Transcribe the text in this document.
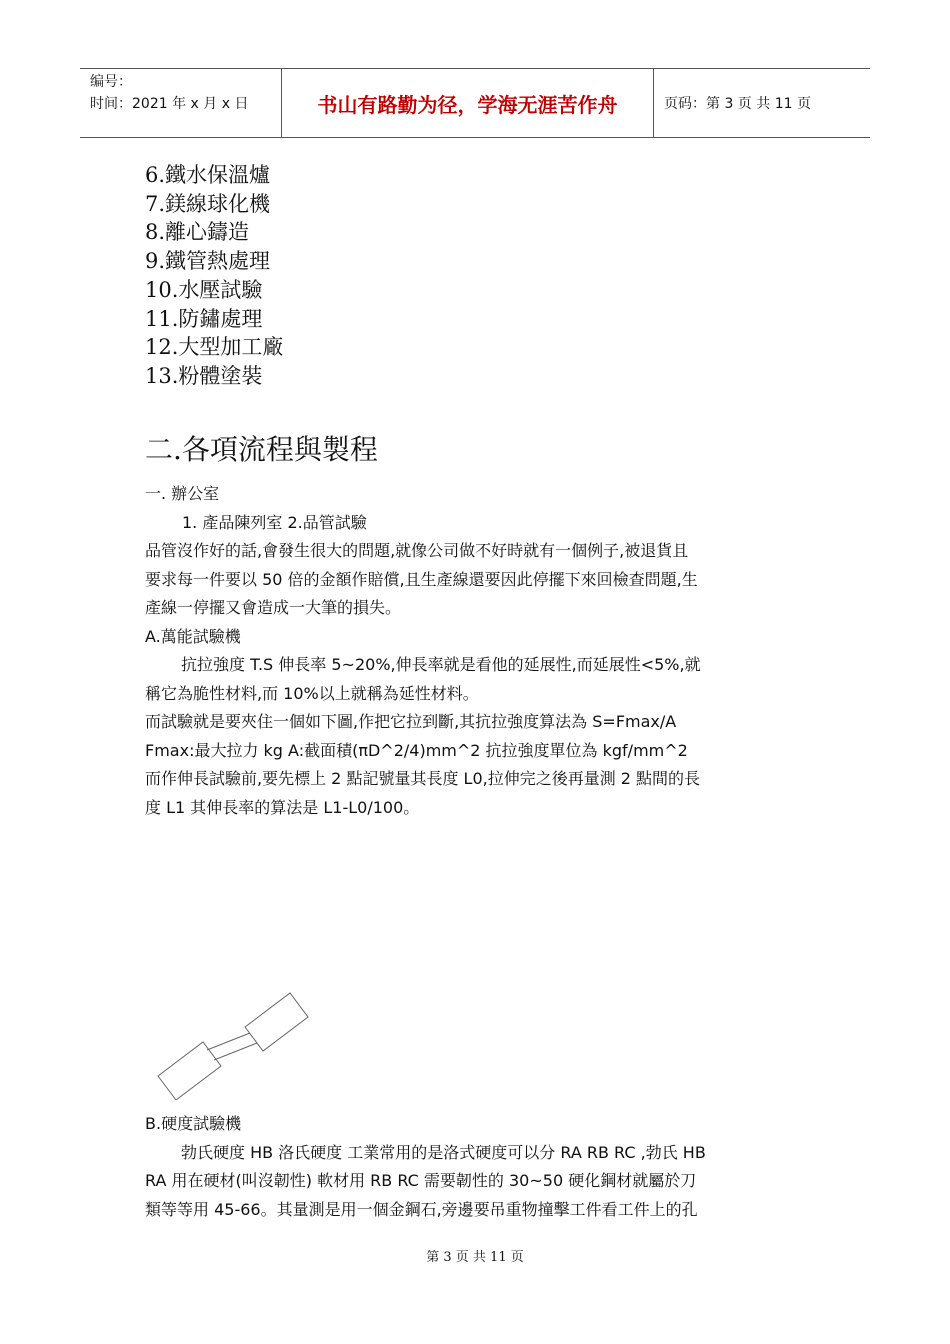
编号：
时间：2021 年 x 月 x 日	书山有路勤为径，学海无涯苦作舟	页码：第 3 页 共 11 页
6.鐵水保溫爐
7.鎂線球化機
8.離心鑄造
9.鐵管熱處理
10.水壓試驗
11.防鏽處理
12.大型加工廠
13.粉體塗裝
二.各項流程與製程
一. 辦公室
1. 產品陳列室 2.品管試驗
品管沒作好的話,會發生很大的問題,就像公司做不好時就有一個例子,被退貨且
要求每一件要以 50 倍的金額作賠償,且生產線還要因此停擺下來回檢查問題,生
產線一停擺又會造成一大筆的損失。
A.萬能試驗機
抗拉強度 T.S 伸長率 5~20%,伸長率就是看他的延展性,而延展性<5%,就
稱它為脆性材料,而 10%以上就稱為延性材料。
而試驗就是要夾住一個如下圖,作把它拉到斷,其抗拉強度算法為 S=Fmax/A
Fmax:最大拉力 kg A:截面積(πD^2/4)mm^2 抗拉強度單位為 kgf/mm^2
而作伸長試驗前,要先標上 2 點記號量其長度 L0,拉伸完之後再量測 2 點間的長
度 L1 其伸長率的算法是 L1-L0/100。
B.硬度試驗機
勃氏硬度 HB 洛氏硬度 工業常用的是洛式硬度可以分 RA RB RC ,勃氏 HB
RA 用在硬材(叫沒韌性) 軟材用 RB RC 需要韌性的 30~50 硬化鋼材就屬於刀
類等等用 45-66。其量測是用一個金鋼石,旁邊要吊重物撞擊工件看工件上的孔
第 3 页 共 11 页
